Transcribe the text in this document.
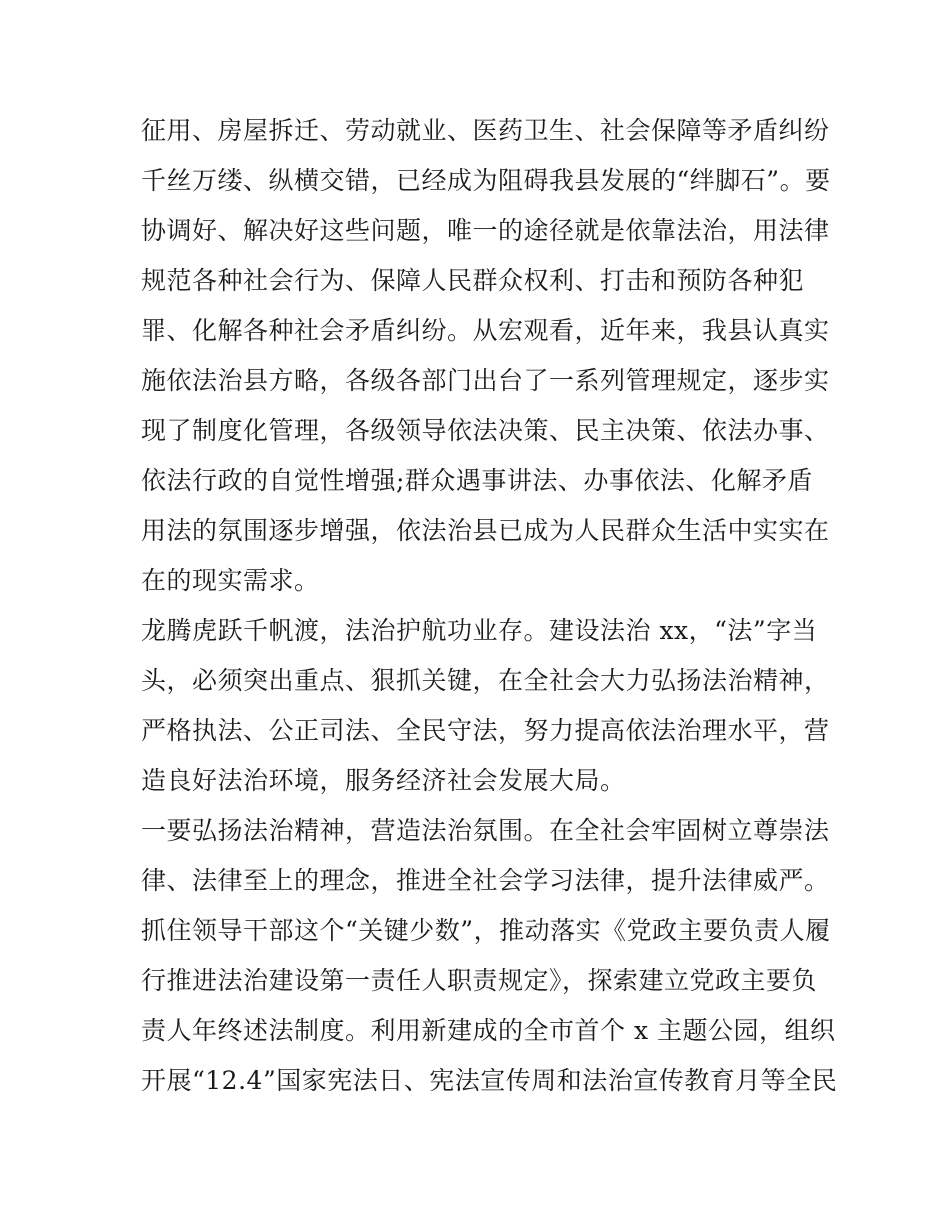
征用、房屋拆迁、劳动就业、医药卫生、社会保障等矛盾纠纷
千丝万缕、纵横交错，已经成为阻碍我县发展的“绊脚石”。要
协调好、解决好这些问题，唯一的途径就是依靠法治，用法律
规范各种社会行为、保障人民群众权利、打击和预防各种犯
罪、化解各种社会矛盾纠纷。从宏观看，近年来，我县认真实
施依法治县方略，各级各部门出台了一系列管理规定，逐步实
现了制度化管理，各级领导依法决策、民主决策、依法办事、
依法行政的自觉性增强;群众遇事讲法、办事依法、化解矛盾
用法的氛围逐步增强，依法治县已成为人民群众生活中实实在
在的现实需求。
龙腾虎跃千帆渡，法治护航功业存。建设法治 xx，“法”字当
头，必须突出重点、狠抓关键，在全社会大力弘扬法治精神，
严格执法、公正司法、全民守法，努力提高依法治理水平，营
造良好法治环境，服务经济社会发展大局。
一要弘扬法治精神，营造法治氛围。在全社会牢固树立尊崇法
律、法律至上的理念，推进全社会学习法律，提升法律威严。
抓住领导干部这个“关键少数”，推动落实《党政主要负责人履
行推进法治建设第一责任人职责规定》，探索建立党政主要负
责人年终述法制度。利用新建成的全市首个 x 主题公园，组织
开展“12.4”国家宪法日、宪法宣传周和法治宣传教育月等全民
